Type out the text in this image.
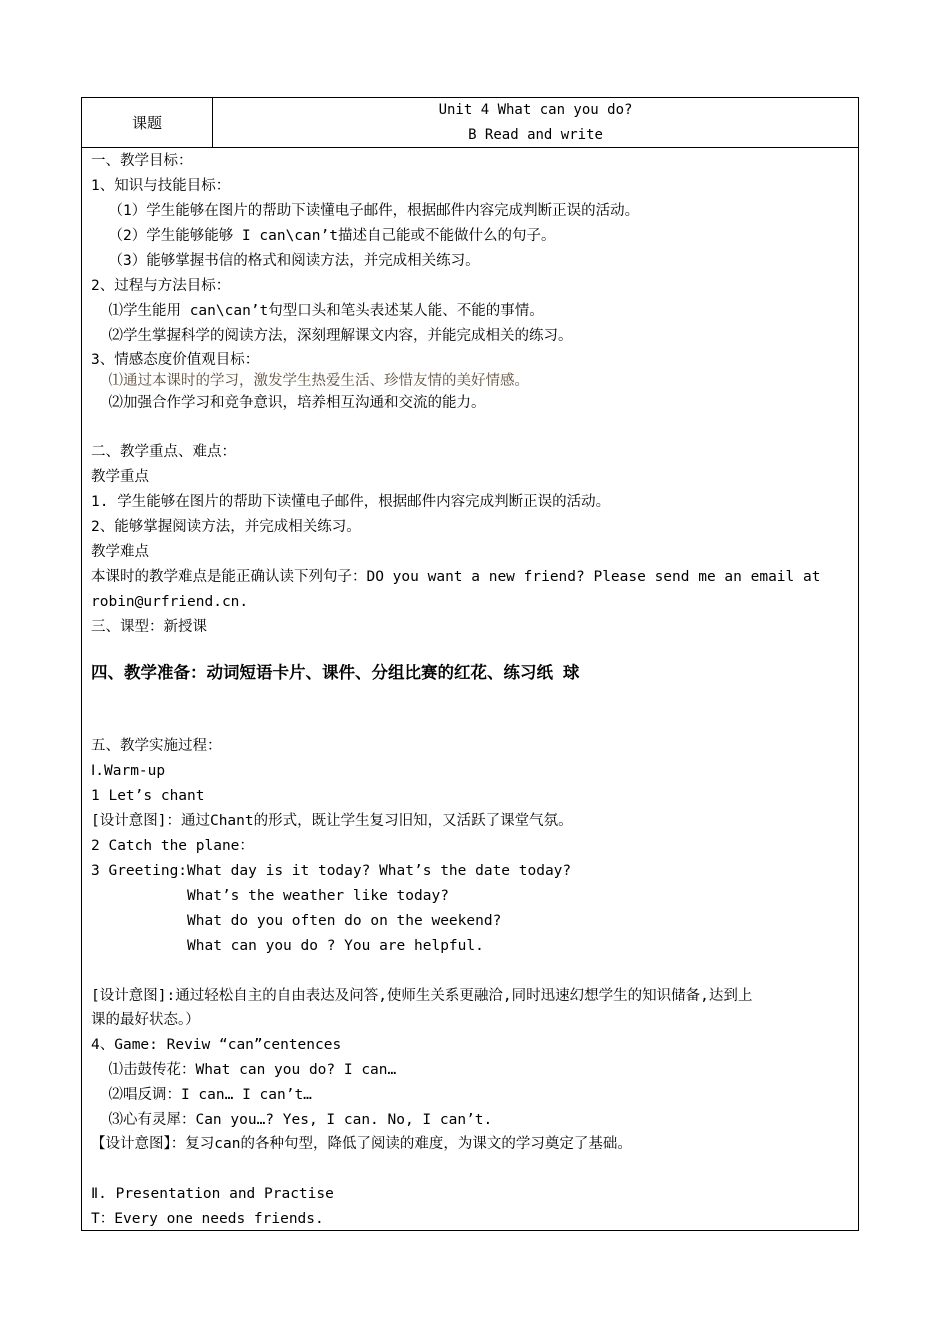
课题
Unit 4 What can you do?
B Read and write
一、教学目标：
1、知识与技能目标：
（1）学生能够在图片的帮助下读懂电子邮件，根据邮件内容完成判断正误的活动。
（2）学生能够能够 I can\can’t描述自己能或不能做什么的句子。
（3）能够掌握书信的格式和阅读方法，并完成相关练习。
2、过程与方法目标：
⑴学生能用 can\can’t句型口头和笔头表述某人能、不能的事情。
⑵学生掌握科学的阅读方法，深刻理解课文内容，并能完成相关的练习。
3、情感态度价值观目标：
⑴通过本课时的学习，激发学生热爱生活、珍惜友情的美好情感。
⑵加强合作学习和竞争意识，培养相互沟通和交流的能力。
二、教学重点、难点：
教学重点
1. 学生能够在图片的帮助下读懂电子邮件，根据邮件内容完成判断正误的活动。
2、能够掌握阅读方法，并完成相关练习。
教学难点
本课时的教学难点是能正确认读下列句子：DO you want a new friend? Please send me an email at
robin@urfriend.cn.
三、课型：新授课
四、教学准备：动词短语卡片、课件、分组比赛的红花、练习纸 球
五、教学实施过程：
Ⅰ.Warm-up
1 Let’s chant
[设计意图]：通过Chant的形式，既让学生复习旧知，又活跃了课堂气氛。
2 Catch the plane：
3 Greeting:What day is it today? What’s the date today?
What’s the weather like today?
What do you often do on the weekend?
What can you do ? You are helpful.
[设计意图]:通过轻松自主的自由表达及问答,使师生关系更融洽,同时迅速幻想学生的知识储备,达到上
课的最好状态。）
4、Game: Reviw “can”centences
⑴击鼓传花：What can you do? I can…
⑵唱反调：I can… I can’t…
⑶心有灵犀：Can you…? Yes, I can. No, I can’t.
【设计意图】：复习can的各种句型，降低了阅读的难度，为课文的学习奠定了基础。
Ⅱ. Presentation and Practise
T：Every one needs friends.
